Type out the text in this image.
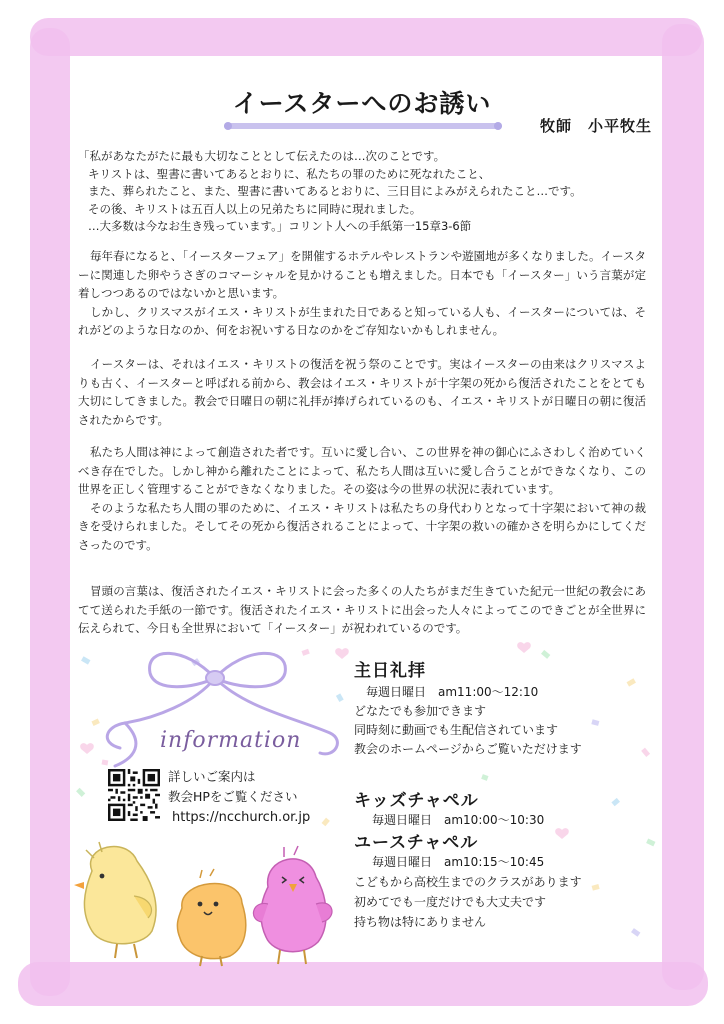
イースターへのお誘い
牧師　小平牧生
「私があなたがたに最も大切なこととして伝えたのは…次のことです。
キリストは、聖書に書いてあるとおりに、私たちの罪のために死なれたこと、
また、葬られたこと、また、聖書に書いてあるとおりに、三日目によみがえられたこと…です。
その後、キリストは五百人以上の兄弟たちに同時に現れました。
…大多数は今なお生き残っています。」コリント人への手紙第一15章3-6節

毎年春になると、「イースターフェア」を開催するホテルやレストランや遊園地が多くなりました。イースターに関連した卵やうさぎのコマーシャルを見かけることも増えました。日本でも「イースター」いう言葉が定着しつつあるのではないかと思います。

しかし、クリスマスがイエス・キリストが生まれた日であると知っている人も、イースターについては、それがどのような日なのか、何をお祝いする日なのかをご存知ないかもしれません。

イースターは、それはイエス・キリストの復活を祝う祭のことです。実はイースターの由来はクリスマスよりも古く、イースターと呼ばれる前から、教会はイエス・キリストが十字架の死から復活されたことをとても大切にしてきました。教会で日曜日の朝に礼拝が捧げられているのも、イエス・キリストが日曜日の朝に復活されたからです。

私たち人間は神によって創造された者です。互いに愛し合い、この世界を神の御心にふさわしく治めていくべき存在でした。しかし神から離れたことによって、私たち人間は互いに愛し合うことができなくなり、この世界を正しく管理することができなくなりました。その姿は今の世界の状況に表れています。

そのような私たち人間の罪のために、イエス・キリストは私たちの身代わりとなって十字架において神の裁きを受けられました。そしてその死から復活されることによって、十字架の救いの確かさを明らかにしてくださったのです。

冒頭の言葉は、復活されたイエス・キリストに会った多くの人たちがまだ生きていた紀元一世紀の教会にあてて送られた手紙の一節です。復活されたイエス・キリストに出会った人々によってこのできごとが全世界に伝えられて、今日も全世界において「イースター」が祝われているのです。

information
詳しいご案内は
教会HPをご覧ください
https://ncchurch.or.jp
主日礼拝
毎週日曜日　am11:00〜12:10
どなたでも参加できます
同時刻に動画でも生配信されています
教会のホームページからご覧いただけます
キッズチャペル
毎週日曜日　am10:00〜10:30
ユースチャペル
毎週日曜日　am10:15〜10:45
こどもから高校生までのクラスがあります
初めてでも一度だけでも大丈夫です
持ち物は特にありません
